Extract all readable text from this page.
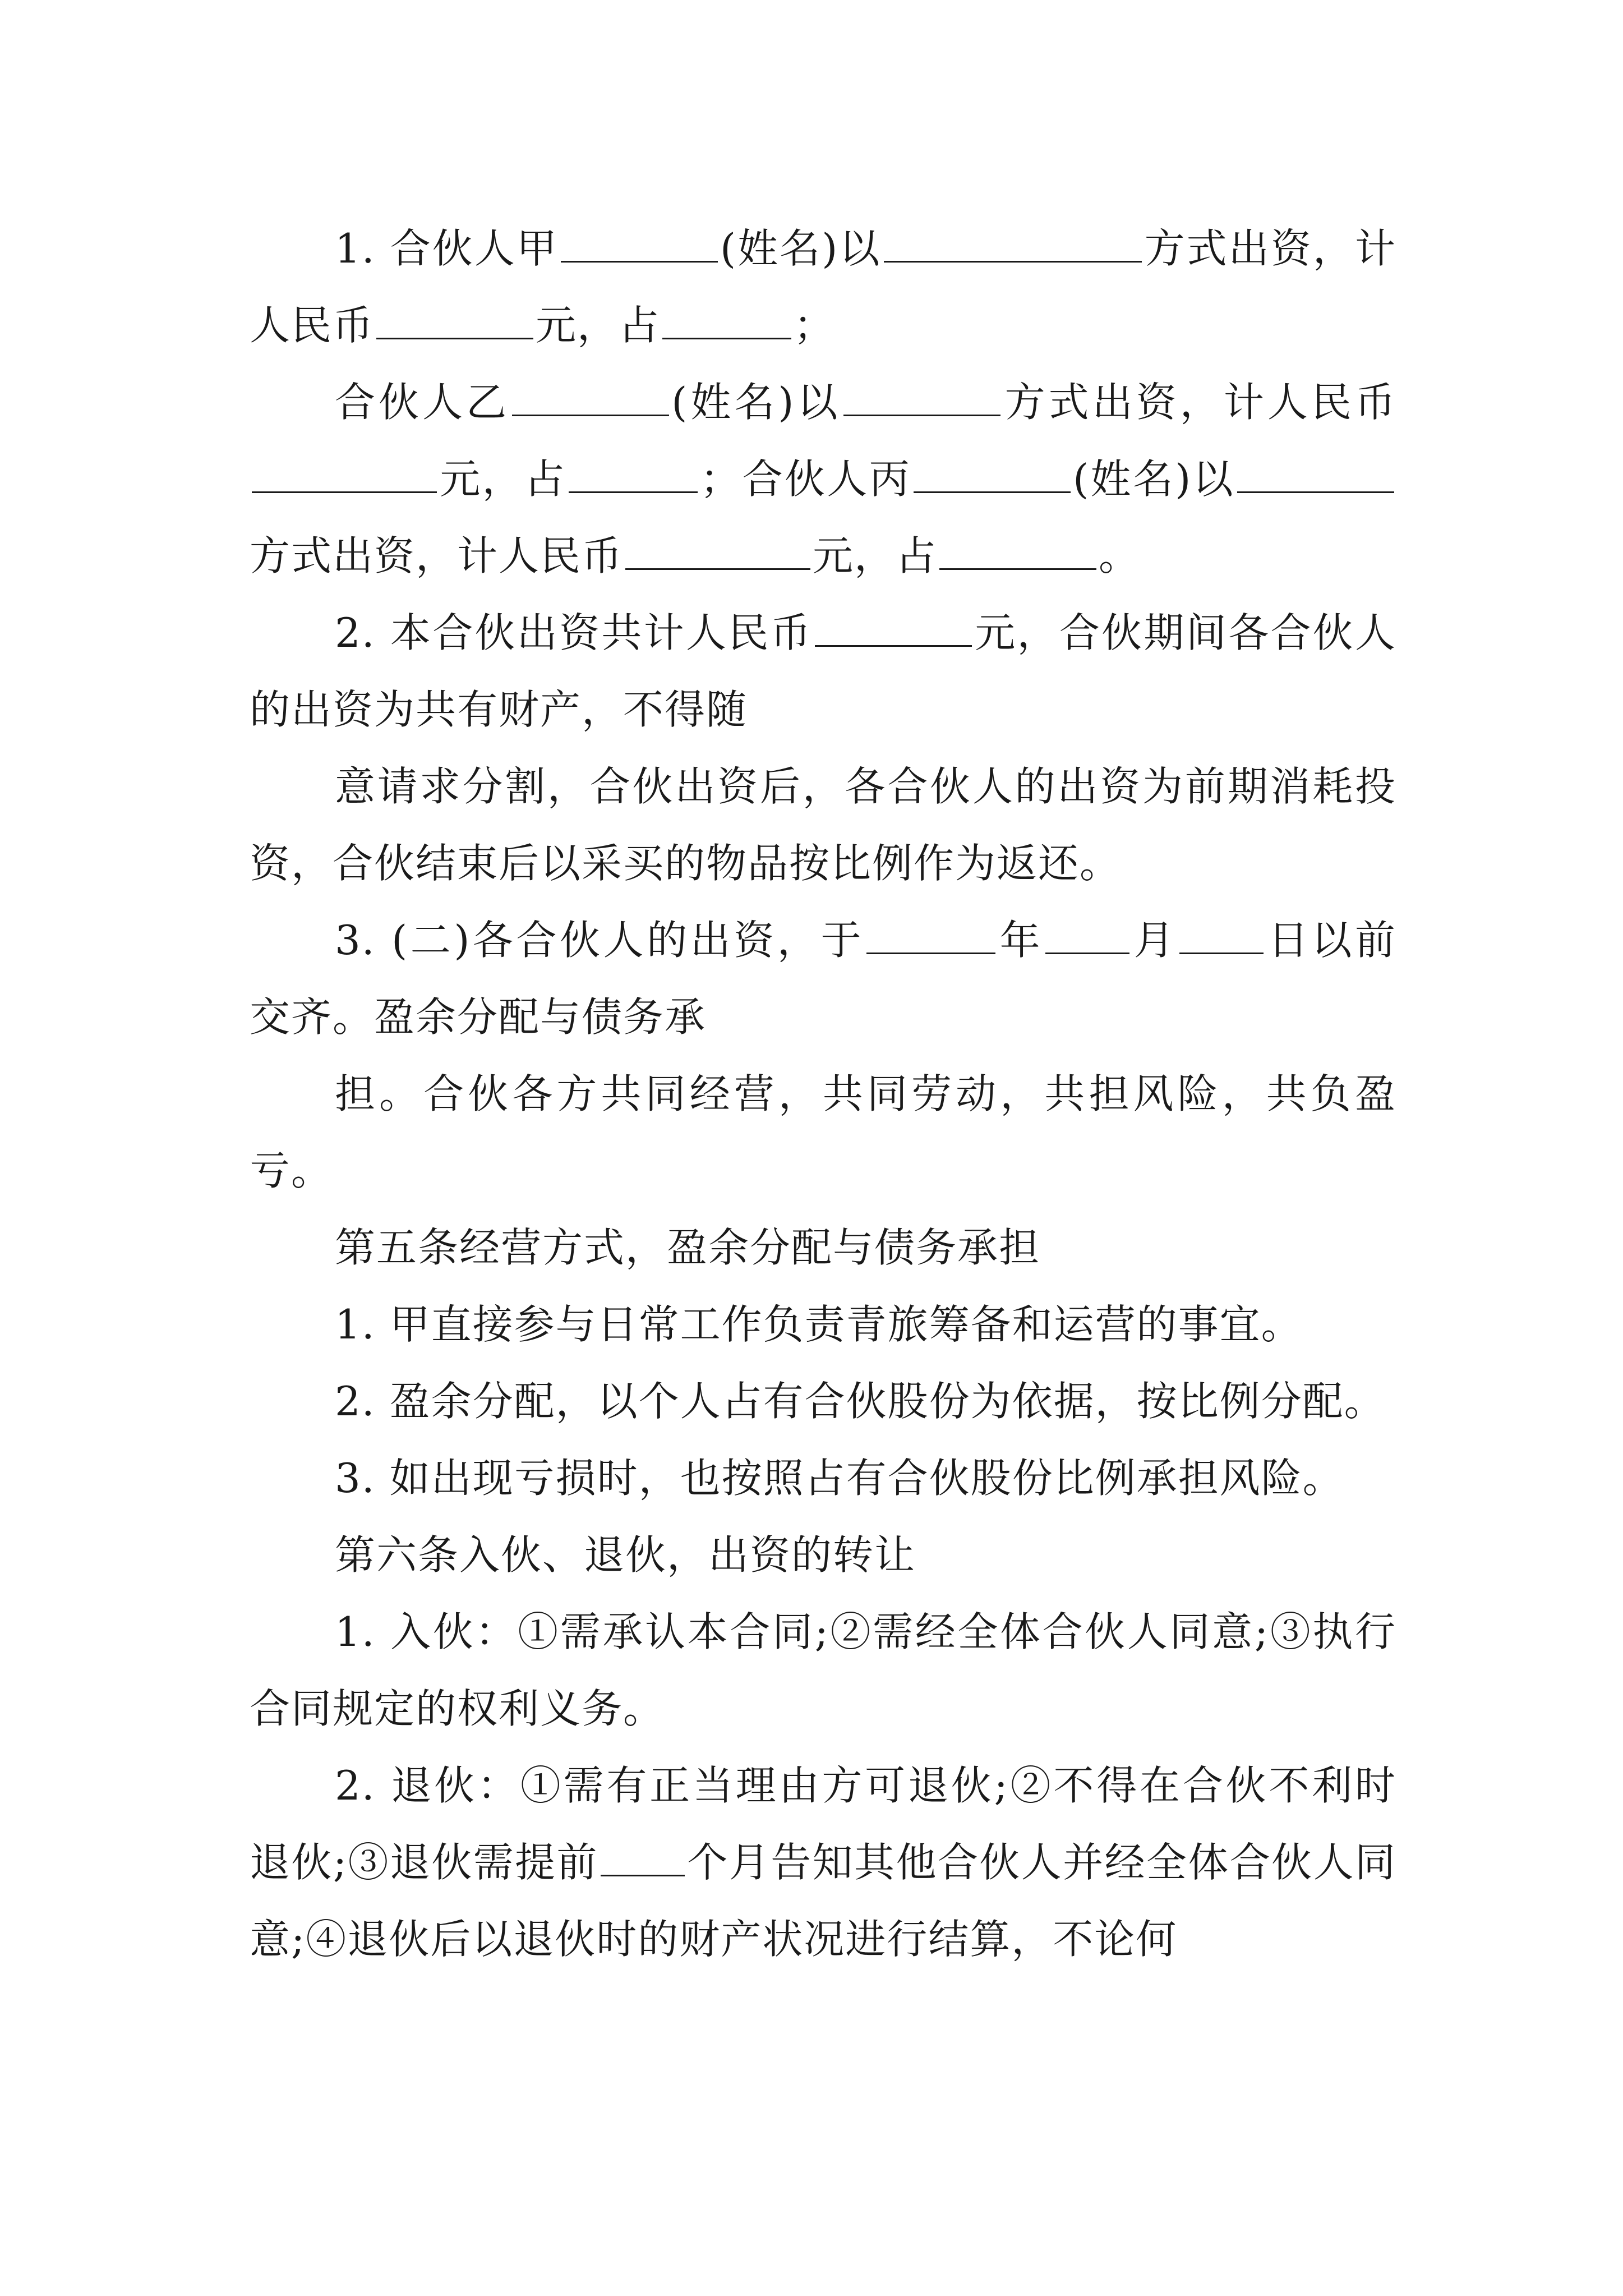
1. 合伙人甲	(姓名)以	方式出资，计人民币	元，占	；

合伙人乙	(姓名)以	方式出资，计人民币元，占	；合伙人丙	(姓名)以方式出资，计人民币	元，占	。

2. 本合伙出资共计人民币	元，合伙期间各合伙人的出资为共有财产，不得随

意请求分割，合伙出资后，各合伙人的出资为前期消耗投资，合伙结束后以采买的物品按比例作为返还。

3. (二)各合伙人的出资，于	年 月 日以前交齐。盈余分配与债务承

担。合伙各方共同经营，共同劳动，共担风险，共负盈亏。

第五条经营方式，盈余分配与债务承担

1. 甲直接参与日常工作负责青旅筹备和运营的事宜。

2. 盈余分配，以个人占有合伙股份为依据，按比例分配。

3. 如出现亏损时，也按照占有合伙股份比例承担风险。

第六条入伙、退伙，出资的转让

1. 入伙：①需承认本合同;②需经全体合伙人同意;③执行合同规定的权利义务。

2. 退伙：①需有正当理由方可退伙;②不得在合伙不利时退伙;③退伙需提前 个月告知其他合伙人并经全体合伙人同意;④退伙后以退伙时的财产状况进行结算，不论何
